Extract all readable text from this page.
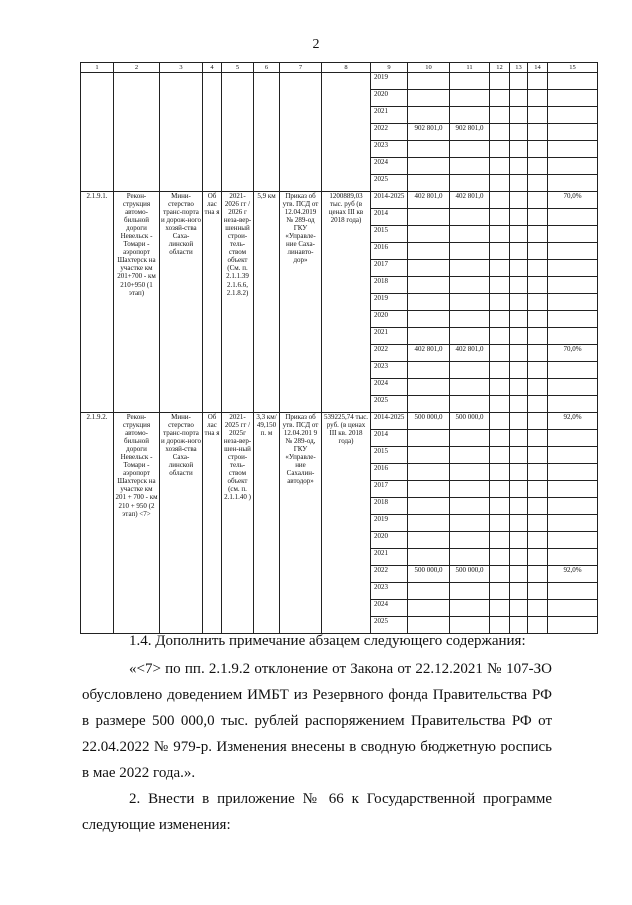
2
1	2	3	4	5	6	7	8	9	10	11	12	13	14	15
								2019						
								2020						
								2021						
								2022	902 801,0	902 801,0				
								2023						
								2024						
								2025						
2.1.9.1.	Рекон-струкция автомо-бильной дороги Невельск - Томари - аэропорт Шахтерск на участке км 201+700 - км 210+950 (1 этап)	Мини-стерство транс-порта и дорож-ного хозяй-ства Саха-линской области	Об лас тна я	2021-2026 гг / 2026 г незa-вер-шенный строи-тель-ством объект (См. п. 2.1.1.39 2.1.6.6, 2.1.8.2)	5,9 км	Приказ об утв. ПСД от 12.04.2019 № 289-од ГКУ «Управле-ние Саха-линавто-дор»	1200889,03 тыс. руб (в ценах III кв 2018 года)	2014-2025	402 801,0	402 801,0				70,0%
								2014						
								2015						
								2016						
								2017						
								2018						
								2019						
								2020						
								2021						
								2022	402 801,0	402 801,0				70,0%
								2023						
								2024						
								2025						
2.1.9.2.	Рекон-струкция автомо-бильной дороги Невельск - Томари - аэропорт Шахтерск на участке км 201 + 700 - км 210 + 950 (2 этап) <7>	Мини-стерство транс-порта и дорож-ного хозяй-ства Саха-линской области	Об лас тна я	2021-2025 гг / 2025г неза-вер-шен-ный строи-тель-ством объект (см. п. 2.1.1.40 )	3,3 км/ 49,150 п. м	Приказ об утв. ПСД от 12.04.201 9 № 289-од, ГКУ «Управле-ние Сахалин-автодор»	539225,74 тыс. руб. (в ценах III кв. 2018 года)	2014-2025	500 000,0	500 000,0				92,0%
								2014						
								2015						
								2016						
								2017						
								2018						
								2019						
								2020						
								2021						
								2022	500 000,0	500 000,0				92,0%
								2023						
								2024						
								2025						
1.4. Дополнить примечание абзацем следующего содержания:
«<7> по пп. 2.1.9.2 отклонение от Закона от 22.12.2021 № 107-ЗО обусловлено доведением ИМБТ из Резервного фонда Правительства РФ в размере 500 000,0 тыс. рублей распоряжением Правительства РФ от 22.04.2022 № 979-р. Изменения внесены в сводную бюджетную роспись в мае 2022 года.».
2. Внести в приложение № 66 к Государственной программе следующие изменения:
